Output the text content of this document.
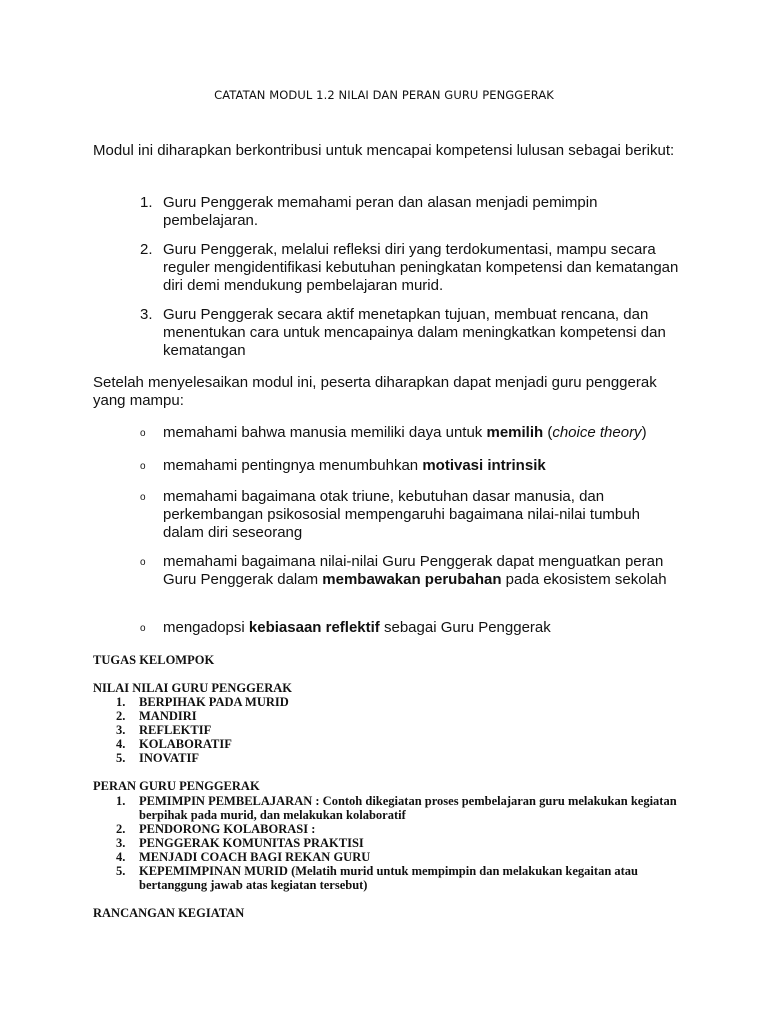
CATATAN MODUL 1.2 NILAI DAN PERAN GURU PENGGERAK
Modul ini diharapkan berkontribusi untuk mencapai kompetensi lulusan sebagai berikut:
1. Guru Penggerak memahami peran dan alasan menjadi pemimpin pembelajaran.
2. Guru Penggerak, melalui refleksi diri yang terdokumentasi, mampu secara reguler mengidentifikasi kebutuhan peningkatan kompetensi dan kematangan diri demi mendukung pembelajaran murid.
3. Guru Penggerak secara aktif menetapkan tujuan, membuat rencana, dan menentukan cara untuk mencapainya dalam meningkatkan kompetensi dan kematangan
Setelah menyelesaikan modul ini, peserta diharapkan dapat menjadi guru penggerak yang mampu:
o memahami bahwa manusia memiliki daya untuk memilih (choice theory)
o memahami pentingnya menumbuhkan motivasi intrinsik
o memahami bagaimana otak triune, kebutuhan dasar manusia, dan perkembangan psikososial mempengaruhi bagaimana nilai-nilai tumbuh dalam diri seseorang
o memahami bagaimana nilai-nilai Guru Penggerak dapat menguatkan peran Guru Penggerak dalam membawakan perubahan pada ekosistem sekolah
o mengadopsi kebiasaan reflektif sebagai Guru Penggerak
TUGAS KELOMPOK
NILAI NILAI GURU PENGGERAK
1. BERPIHAK PADA MURID
2. MANDIRI
3. REFLEKTIF
4. KOLABORATIF
5. INOVATIF
PERAN GURU PENGGERAK
1. PEMIMPIN PEMBELAJARAN : Contoh dikegiatan proses pembelajaran guru melakukan kegiatan berpihak pada murid, dan melakukan kolaboratif
2. PENDORONG KOLABORASI :
3. PENGGERAK KOMUNITAS PRAKTISI
4. MENJADI COACH BAGI REKAN GURU
5. KEPEMIMPINAN MURID (Melatih murid untuk mempimpin dan melakukan kegaitan atau bertanggung jawab atas kegiatan tersebut)
RANCANGAN KEGIATAN
